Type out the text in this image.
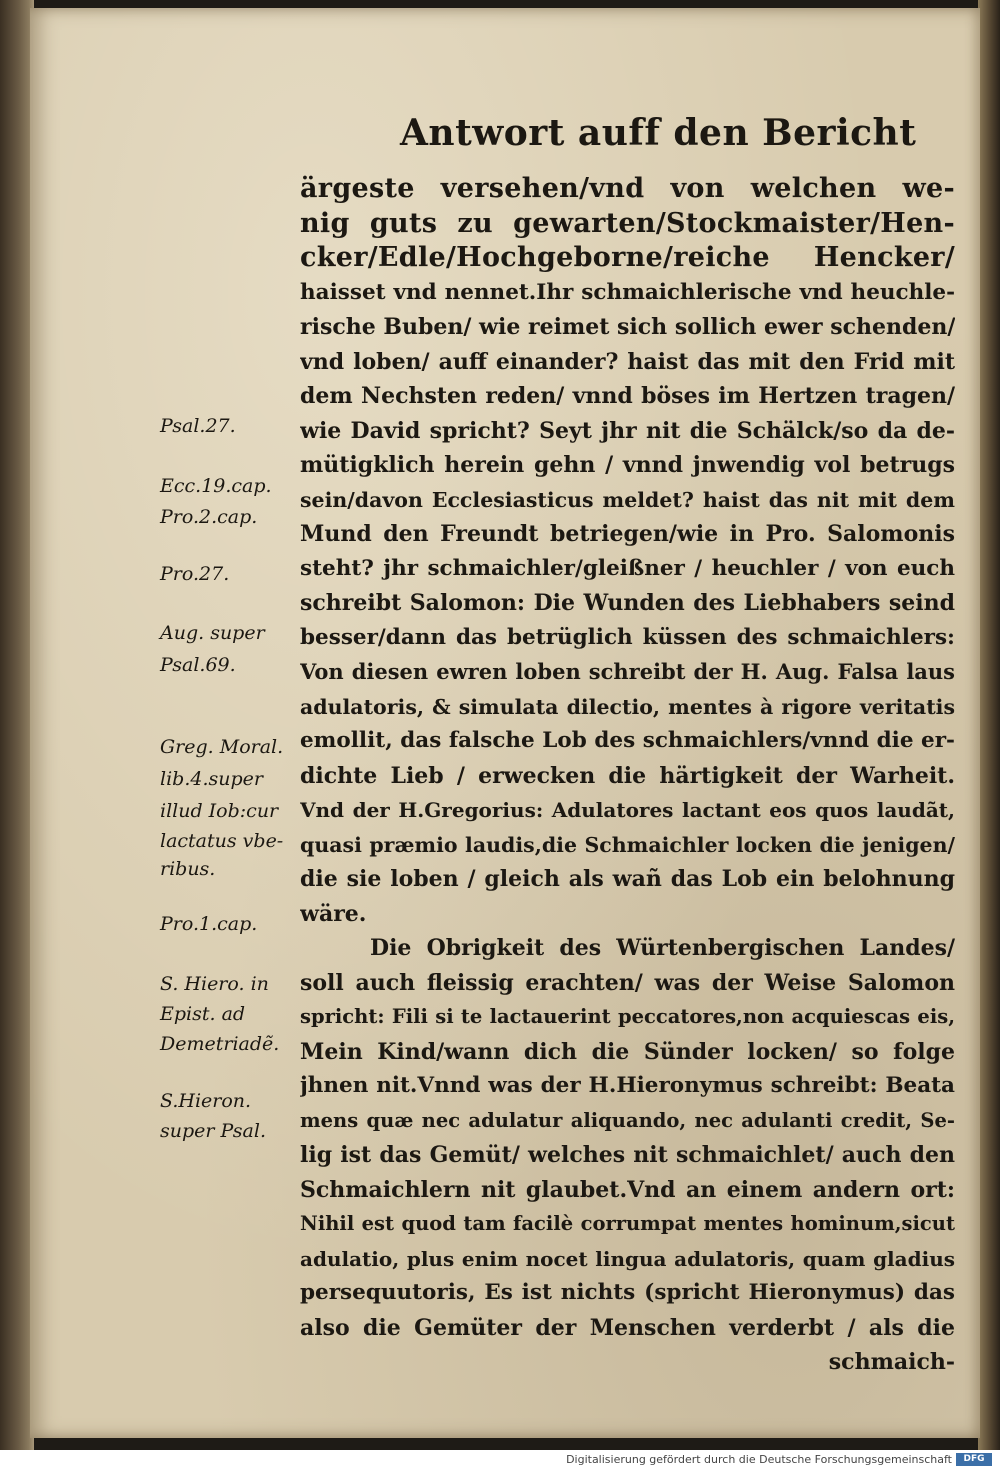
Antwort auff den Bericht
ärgeste versehen/vnd von welchen we‑
nig guts zu gewarten/Stockmaister/Hen‑
cker/Edle/Hochgeborne/reiche Hencker/
haisset vnd nennet.Ihr schmaichlerische vnd heuchle‑
rische Buben/ wie reimet sich sollich ewer schenden/
vnd loben/ auff einander? haist das mit den Frid mit
dem Nechsten reden/ vnnd böses im Hertzen tragen/
wie David spricht? Seyt jhr nit die Schälck/so da de‑
mütigklich herein gehn / vnnd jnwendig vol betrugs
sein/davon Ecclesiasticus meldet? haist das nit mit dem
Mund den Freundt betriegen/wie in Pro. Salomonis
steht? jhr schmaichler/gleißner / heuchler / von euch
schreibt Salomon: Die Wunden des Liebhabers seind
besser/dann das betrüglich küssen des schmaichlers:
Von diesen ewren loben schreibt der H. Aug. Falsa laus
adulatoris, & simulata dilectio, mentes à rigore veritatis
emollit, das falsche Lob des schmaichlers/vnnd die er‑
dichte Lieb / erwecken die härtigkeit der Warheit.
Vnd der H.Gregorius: Adulatores lactant eos quos laudãt,
quasi præmio laudis,die Schmaichler locken die jenigen/
die sie loben / gleich als wañ das Lob ein belohnung
wäre.
Die Obrigkeit des Würtenbergischen Landes/
soll auch fleissig erachten/ was der Weise Salomon
spricht: Fili si te lactauerint peccatores,non acquiescas eis,
Mein Kind/wann dich die Sünder locken/ so folge
jhnen nit.Vnnd was der H.Hieronymus schreibt: Beata
mens quæ nec adulatur aliquando, nec adulanti credit, Se‑
lig ist das Gemüt/ welches nit schmaichlet/ auch den
Schmaichlern nit glaubet.Vnd an einem andern ort:
Nihil est quod tam facilè corrumpat mentes hominum,sicut
adulatio, plus enim nocet lingua adulatoris, quam gladius
persequutoris, Es ist nichts (spricht Hieronymus) das
also die Gemüter der Menschen verderbt / als die
schmaich‑
Psal.27.
Ecc.19.cap.
Pro.2.cap.
Pro.27.
Aug. super
Psal.69.
Greg. Moral.
lib.4.super
illud Iob:cur
lactatus vbe‑
ribus.
Pro.1.cap.
S. Hiero. in
Epist. ad
Demetriadẽ.
S.Hieron.
super Psal.
Digitalisierung gefördert durch die Deutsche Forschungsgemeinschaft	DFG
